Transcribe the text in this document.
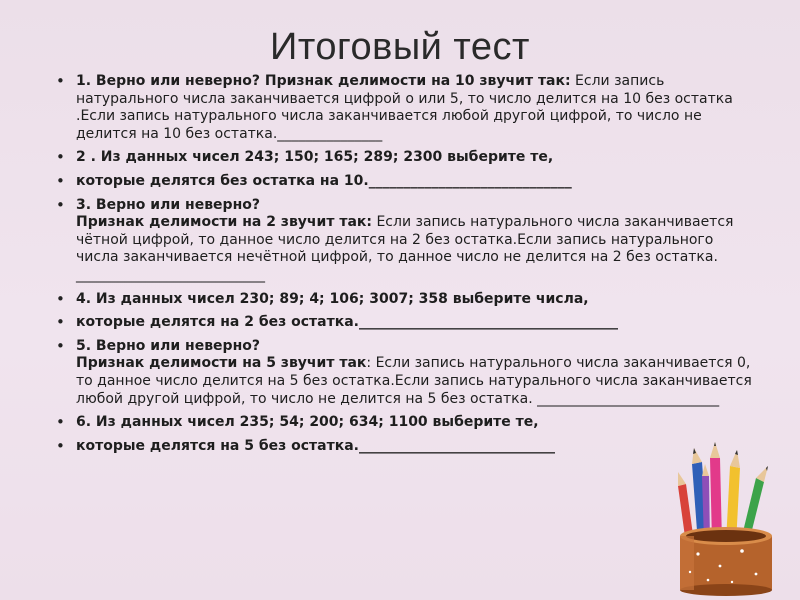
Итоговый тест
• 1. Верно или неверно? Признак делимости на 10 звучит так: Если запись натурального числа заканчивается цифрой о или 5, то число делится на 10 без остатка .Если запись натурального числа заканчивается любой другой цифрой, то число не делится на 10 без остатка._______________
• 2 . Из данных чисел 243; 150; 165; 289; 2300 выберите те,
• которые делятся без остатка на 10._____________________________
• 3. Верно или неверно?
Признак делимости на 2 звучит так: Если запись натурального числа заканчивается чётной цифрой, то данное число делится на 2 без остатка.Если запись натурального числа заканчивается нечётной цифрой, то данное число не делится на 2 без остатка.
___________________________
• 4. Из данных чисел 230; 89; 4; 106; 3007; 358 выберите числа,
• которые делятся на 2 без остатка._____________________________________
• 5. Верно или неверно?
Признак делимости на 5 звучит так: Если запись натурального числа заканчивается 0, то данное число делится на 5 без остатка.Если запись натурального числа заканчивается любой другой цифрой, то число не делится на 5 без остатка. __________________________
• 6. Из данных чисел 235; 54; 200; 634; 1100 выберите те,
• которые делятся на 5 без остатка.____________________________
